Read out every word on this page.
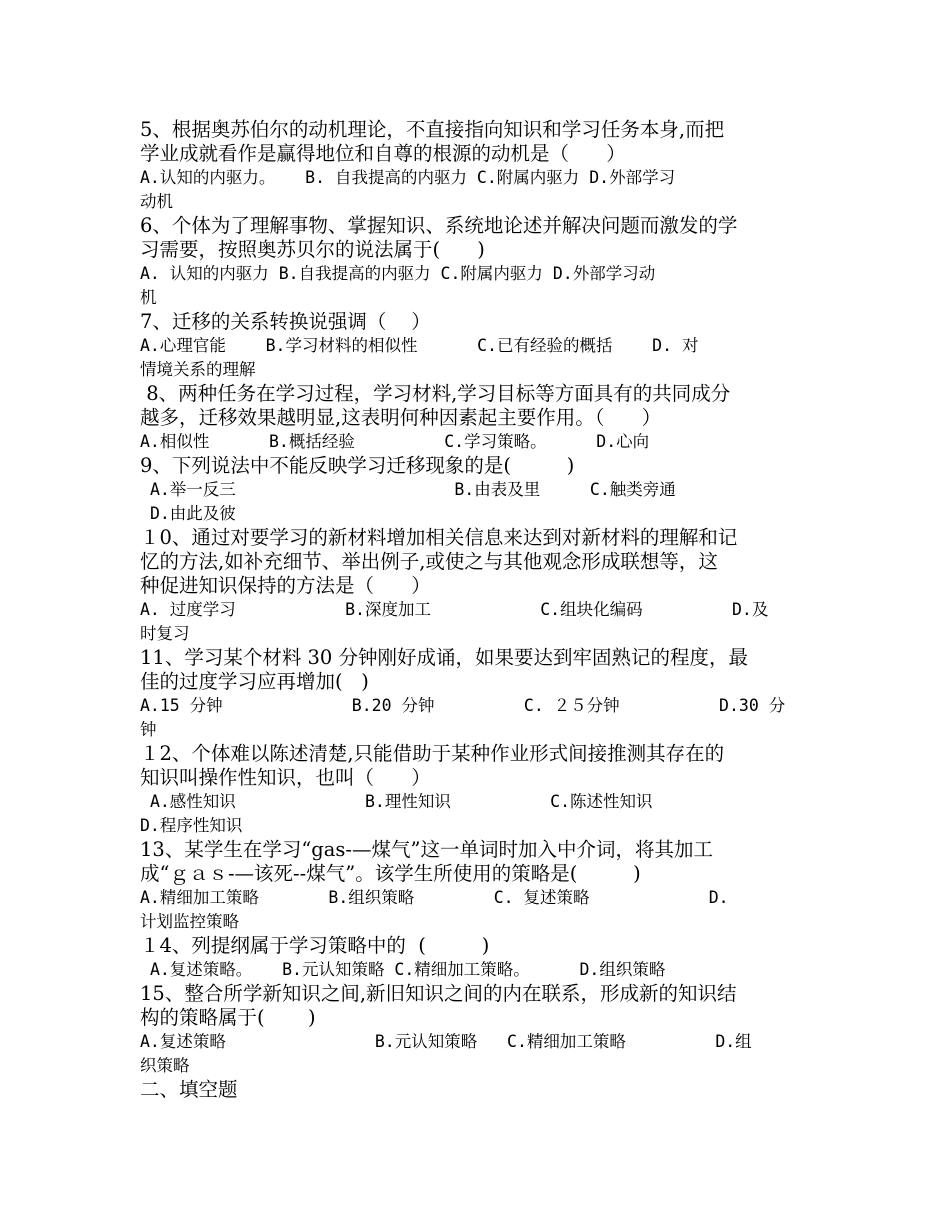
5、根据奥苏伯尔的动机理论，不直接指向知识和学习任务本身,而把

学业成就看作是赢得地位和自尊的根源的动机是（      ）

A.认知的内驱力。   B. 自我提高的内驱力 C.附属内驱力 D.外部学习

动机

6、个体为了理解事物、掌握知识、系统地论述并解决问题而激发的学

习需要，按照奥苏贝尔的说法属于(      )

A. 认知的内驱力 B.自我提高的内驱力 C.附属内驱力 D.外部学习动

机

7、迁移的关系转换说强调（    ）

A.心理官能    B.学习材料的相似性      C.已有经验的概括    D. 对

情境关系的理解

8、两种任务在学习过程，学习材料,学习目标等方面具有的共同成分

越多，迁移效果越明显,这表明何种因素起主要作用。（      ）

A.相似性      B.概括经验         C.学习策略。     D.心向

9、下列说法中不能反映学习迁移现象的是(         )

A.举一反三                      B.由表及里     C.触类旁通

D.由此及彼

１0、通过对要学习的新材料增加相关信息来达到对新材料的理解和记

忆的方法,如补充细节、举出例子,或使之与其他观念形成联想等，这

种促进知识保持的方法是（      ）

A. 过度学习           B.深度加工           C.组块化编码         D.及

时复习

11、学习某个材料 30 分钟刚好成诵，如果要达到牢固熟记的程度，最

佳的过度学习应再增加(   )

A.15 分钟             B.20 分钟         C. ２５分钟          D.30 分

钟

１2、个体难以陈述清楚,只能借助于某种作业形式间接推测其存在的

知识叫操作性知识，也叫（      ）

A.感性知识             B.理性知识          C.陈述性知识

D.程序性知识

13、某学生在学习“gas-—煤气”这一单词时加入中介词，将其加工

成“ｇａｓ-—该死--煤气”。该学生所使用的策略是(         )

A.精细加工策略       B.组织策略        C. 复述策略            D.

计划监控策略

１4、列提纲属于学习策略中的  (         )

A.复述策略。   B.元认知策略 C.精细加工策略。     D.组织策略

15、整合所学新知识之间,新旧知识之间的内在联系，形成新的知识结

构的策略属于(       )

A.复述策略               B.元认知策略   C.精细加工策略         D.组

织策略

二、填空题
